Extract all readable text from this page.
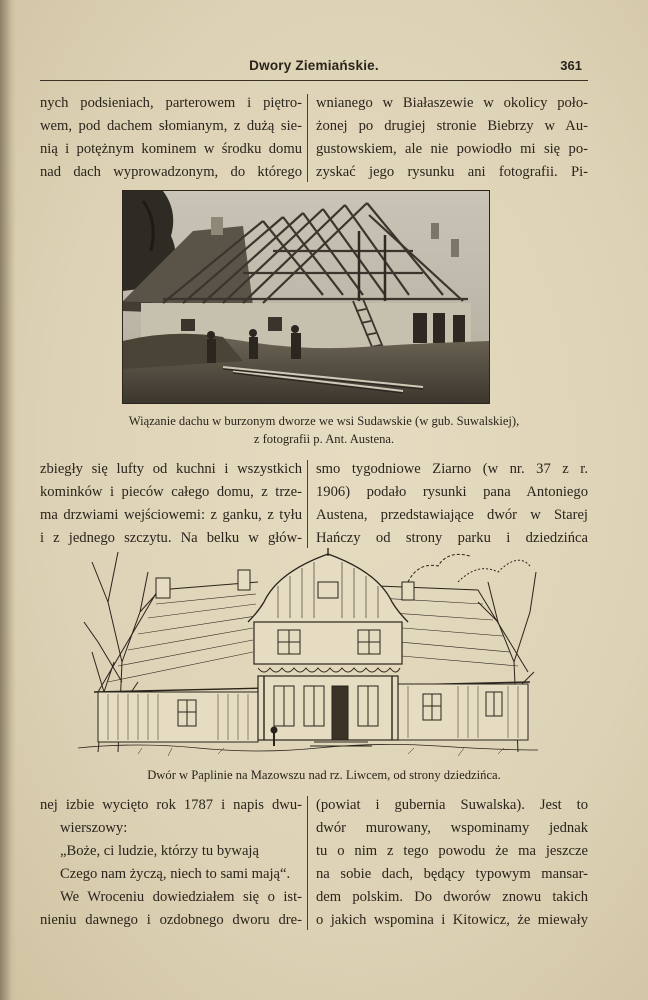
Dwory Ziemiańskie.	361
nych podsieniach, parterowem i piętro-
wem, pod dachem słomianym, z dużą sie-
nią i potężnym kominem w środku domu
nad dach wyprowadzonym, do którego
wnianego w Białaszewie w okolicy poło-
żonej po drugiej stronie Biebrzy w Au-
gustowskiem, ale nie powiodło mi się po-
zyskać jego rysunku ani fotografii. Pi-
Wiązanie dachu w burzonym dworze we wsi Sudawskie (w gub. Suwalskiej),
z fotografii p. Ant. Austena.
zbiegły się lufty od kuchni i wszystkich
kominków i pieców całego domu, z trze-
ma drzwiami wejściowemi: z ganku, z tyłu
i z jednego szczytu. Na belku w głów-
smo tygodniowe Ziarno (w nr. 37 z r.
1906) podało rysunki pana Antoniego
Austena, przedstawiające dwór w Starej
Hańczy od strony parku i dziedzińca
Dwór w Paplinie na Mazowszu nad rz. Liwcem, od strony dziedzińca.
nej izbie wycięto rok 1787 i napis dwu-
wierszowy:
„Boże, ci ludzie, którzy tu bywają
Czego nam życzą, niech to sami mają“.
We Wroceniu dowiedziałem się o ist-
nieniu dawnego i ozdobnego dworu dre-
(powiat i gubernia Suwalska). Jest to
dwór murowany, wspominamy jednak
tu o nim z tego powodu że ma jeszcze
na sobie dach, będący typowym mansar-
dem polskim. Do dworów znowu takich
o jakich wspomina i Kitowicz, że miewały
